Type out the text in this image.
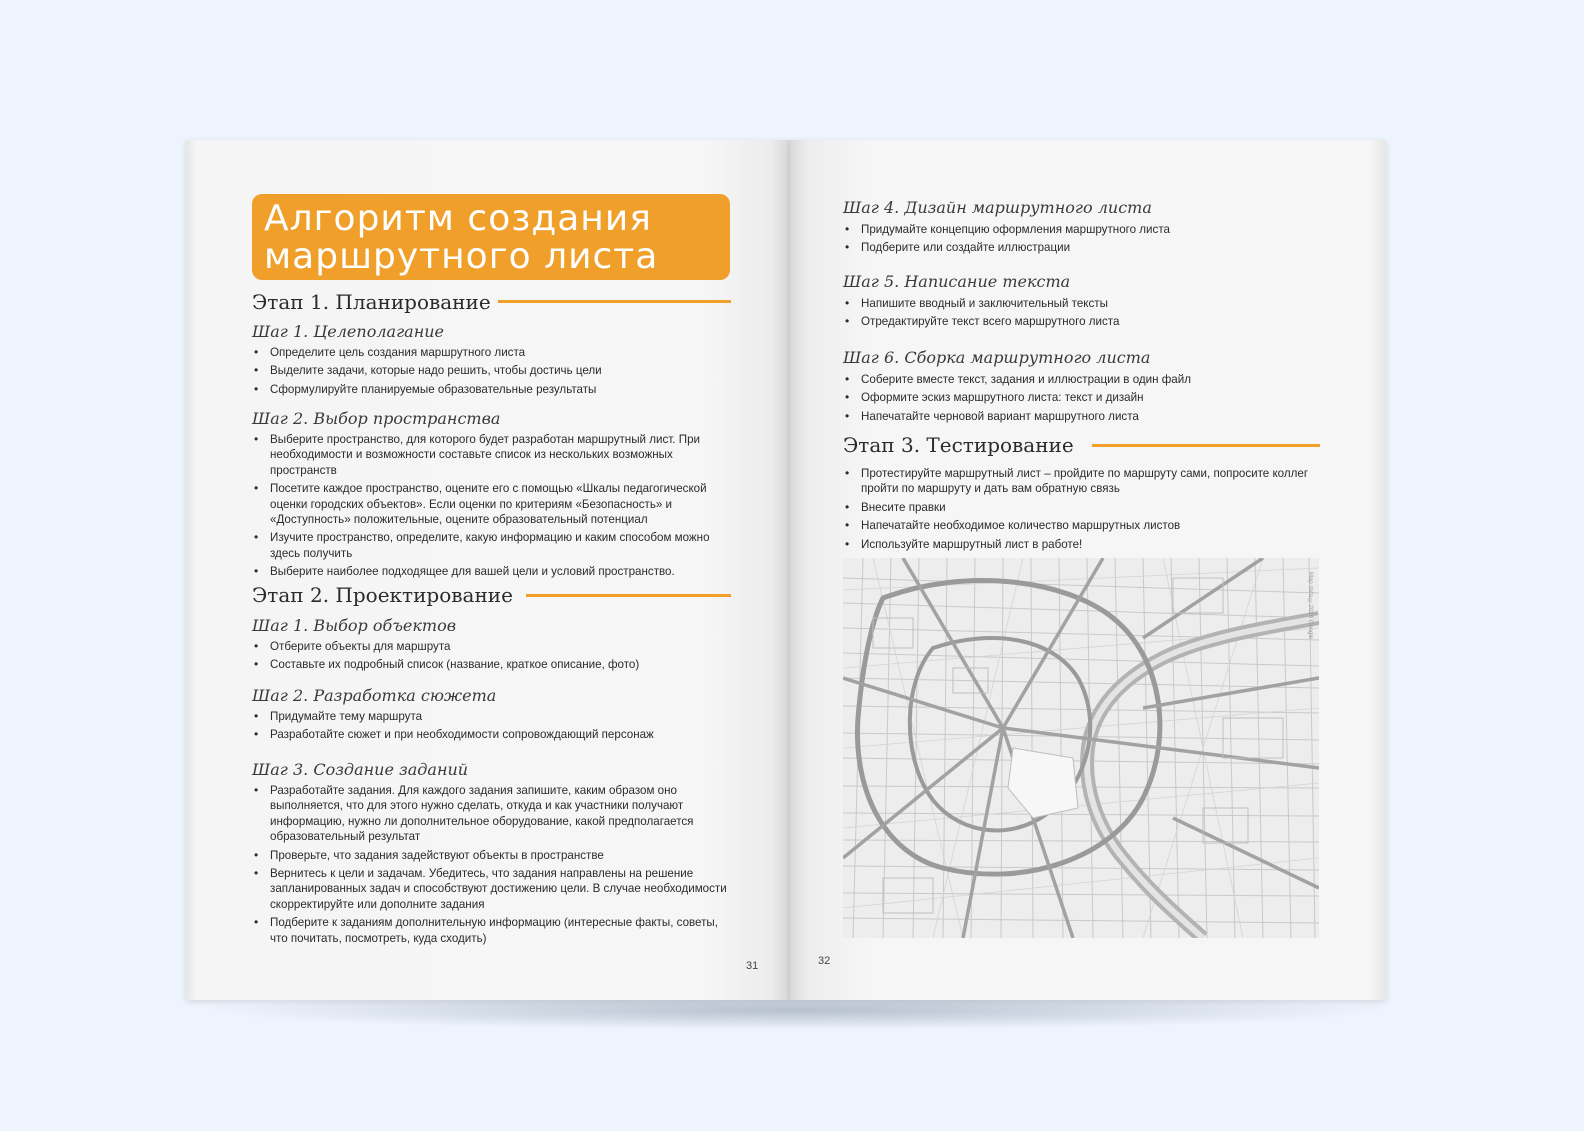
Алгоритм создания
маршрутного листа
Этап 1. Планирование
Шаг 1. Целеполагание
• Определите цель создания маршрутного листа
• Выделите задачи, которые надо решить, чтобы достичь цели
• Сформулируйте планируемые образовательные результаты
Шаг 2. Выбор пространства
• Выберите пространство, для которого будет разработан маршрутный лист. При необходимости и возможности составьте список из нескольких возможных пространств
• Посетите каждое пространство, оцените его с помощью «Шкалы педагогической оценки городских объектов». Если оценки по критериям «Безопасность» и «Доступность» положительные, оцените образовательный потенциал
• Изучите пространство, определите, какую информацию и каким способом можно здесь получить
• Выберите наиболее подходящее для вашей цели и условий пространство.
Этап 2. Проектирование
Шаг 1. Выбор объектов
• Отберите объекты для маршрута
• Составьте их подробный список (название, краткое описание, фото)
Шаг 2. Разработка сюжета
• Придумайте тему маршрута
• Разработайте сюжет и при необходимости сопровождающий персонаж
Шаг 3. Создание заданий
• Разработайте задания. Для каждого задания запишите, каким образом оно выполняется, что для этого нужно сделать, откуда и как участники получают информацию, нужно ли дополнительное оборудование, какой предполагается образовательный результат
• Проверьте, что задания задействуют объекты в пространстве
• Вернитесь к цели и задачам. Убедитесь, что задания направлены на решение запланированных задач и способствуют достижению цели. В случае необходимости скорректируйте или дополните задания
• Подберите к заданиям дополнительную информацию (интересные факты, советы, что почитать, посмотреть, куда сходить)
31
Шаг 4. Дизайн маршрутного листа
• Придумайте концепцию оформления маршрутного листа
• Подберите или создайте иллюстрации
Шаг 5. Написание текста
• Напишите вводный и заключительный тексты
• Отредактируйте текст всего маршрутного листа
Шаг 6. Сборка маршрутного листа
• Соберите вместе текст, задания и иллюстрации в один файл
• Оформите эскиз маршрутного листа: текст и дизайн
• Напечатайте черновой вариант маршрутного листа
Этап 3. Тестирование
• Протестируйте маршрутный лист – пройдите по маршруту сами, попросите коллег пройти по маршруту и дать вам обратную связь
• Внесите правки
• Напечатайте необходимое количество маршрутных листов
• Используйте маршрутный лист в работе!
Map data ©2024 Google
32
